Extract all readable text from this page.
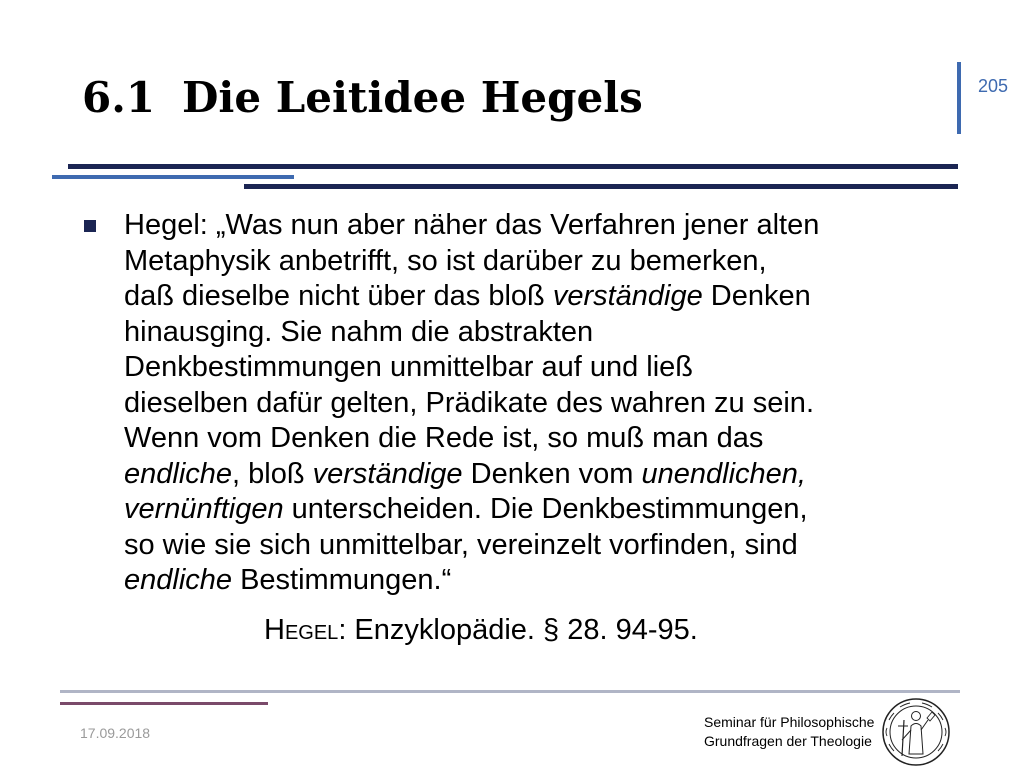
6.1 Die Leitidee Hegels	205
Hegel: „Was nun aber näher das Verfahren jener alten
Metaphysik anbetrifft, so ist darüber zu bemerken,
daß dieselbe nicht über das bloß verständige Denken
hinausging. Sie nahm die abstrakten
Denkbestimmungen unmittelbar auf und ließ
dieselben dafür gelten, Prädikate des wahren zu sein.
Wenn vom Denken die Rede ist, so muß man das
endliche, bloß verständige Denken vom unendlichen,
vernünftigen unterscheiden. Die Denkbestimmungen,
so wie sie sich unmittelbar, vereinzelt vorfinden, sind
endliche Bestimmungen.“
Hegel: Enzyklopädie. § 28. 94-95.
17.09.2018
Seminar für Philosophische
Grundfragen der Theologie
